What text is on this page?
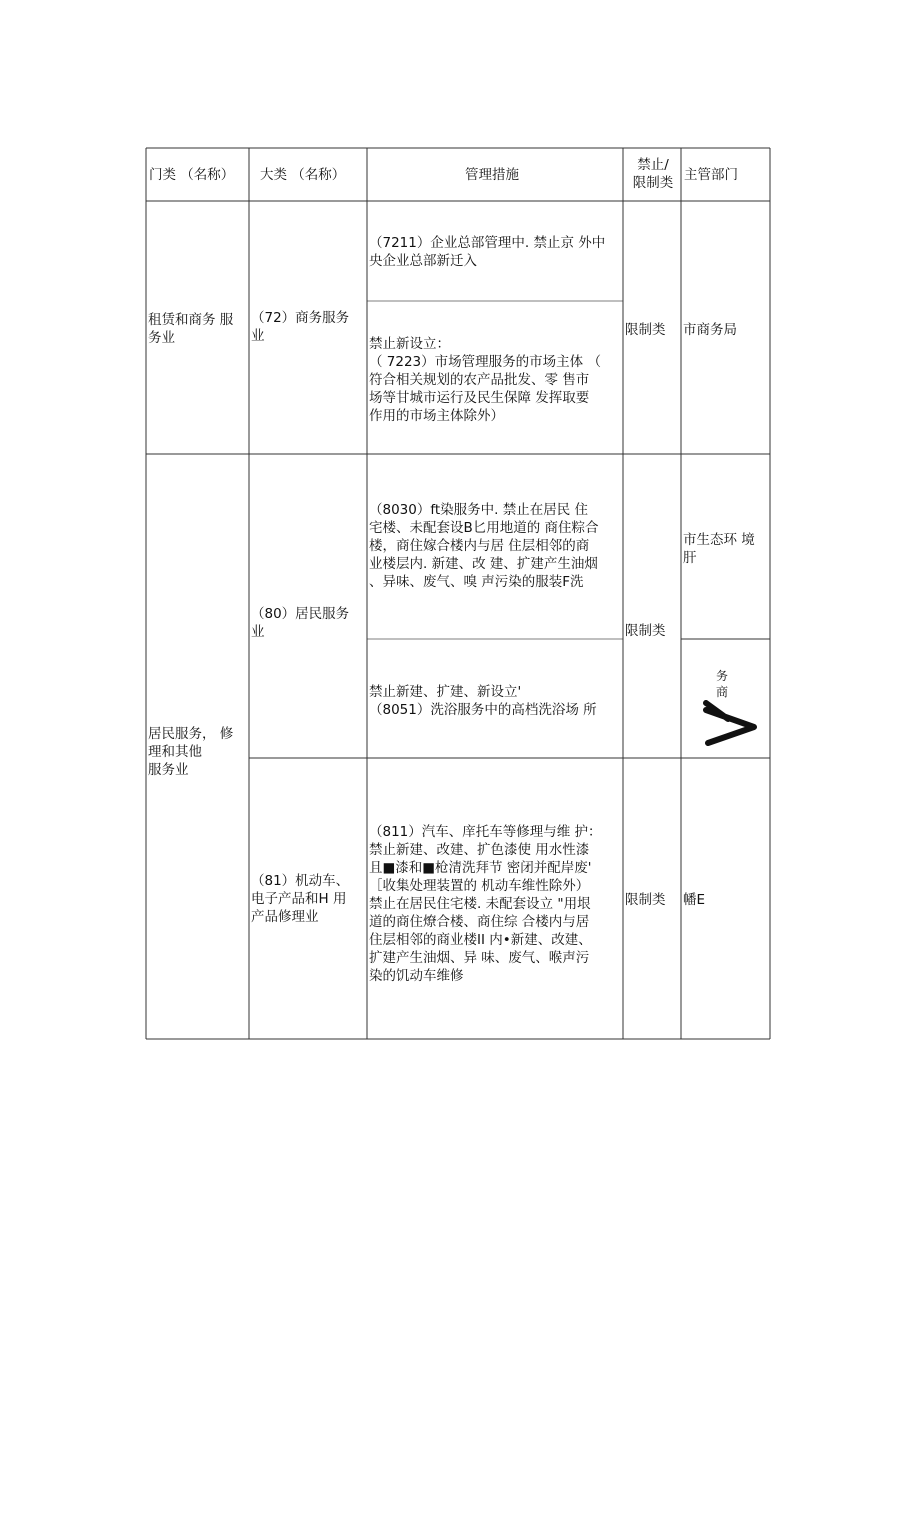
门类 （名称） 大类 （名称）	管理措施

禁止/
限制类 主管部门

租赁和商务 服
务业

（72）商务服务
业

（7211）企业总部管理中. 禁止京 外中
央企业总部新迁入

禁止新设立：
（ 7223）市场管理服务的市场主体 （
符合相关规划的农产品批发、零 售市
场等甘城市运行及民生保障 发挥取要
作用的市场主体除外）

限制类 市商务局

居民服务， 修
理和其他
服务业

（80）居民服务
业

（8030）ft染服务中. 禁止在居民 住
宅楼、未配套设B匕用地道的 商住粽合
楼，商住嫁合楼内与居 住层相邻的商
业楼层内. 新建、改 建、扩建产生油烟
、异味、废气、嗅 声污染的服装F洗

禁止新建、扩建、新设立'
（8051）洗浴服务中的高档洗浴场 所

限制类

市生态环 境
肝

务
商

（81）机动车、
电子产品和H 用
产品修理业

（811）汽车、庠托车等修理与维 护：
禁止新建、改建、扩色漆使 用水性漆
且■漆和■枪清洗拜节 密闭并配岸废'
［收集处理装置的 机动车维性除外）
禁止在居民住宅楼. 未配套设立 "用垠
道的商住燎合楼、商住综 合楼内与居
住层相邻的商业楼II 内•新建、改建、
扩建产生油烟、异 味、废气、喉声污
染的饥动车维修

限制类 幡E
